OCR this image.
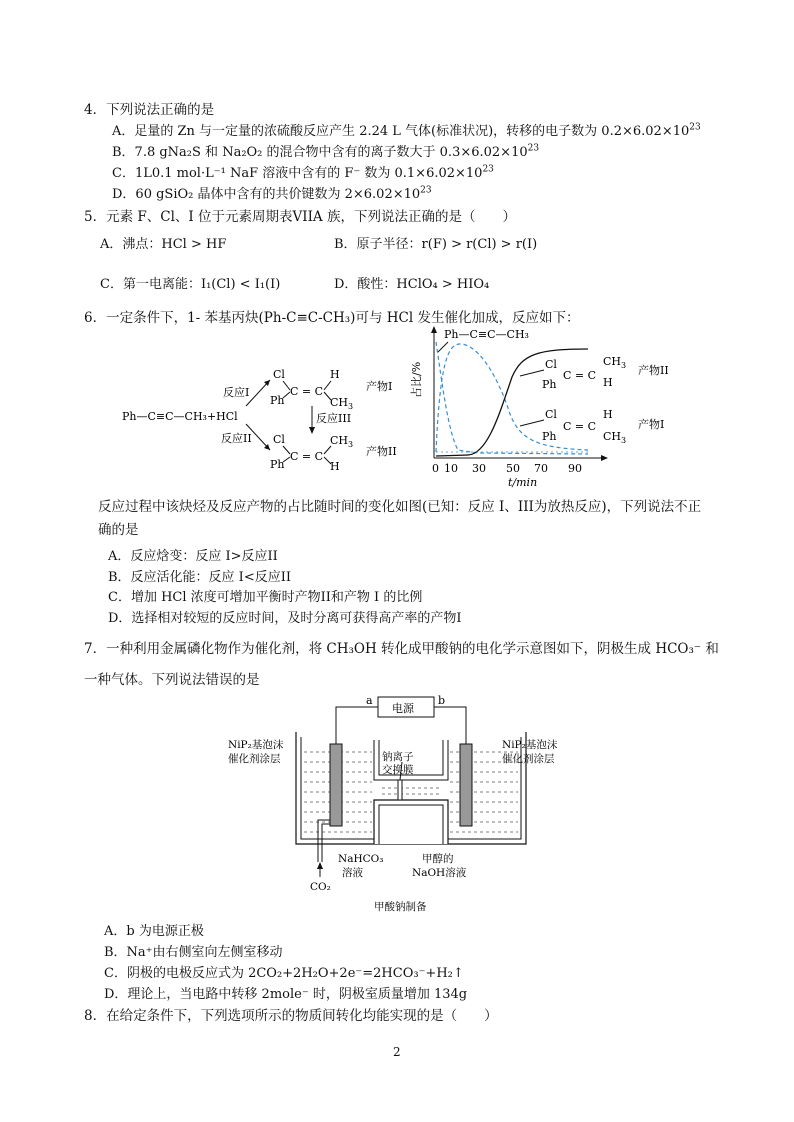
4．下列说法正确的是
A．足量的 Zn 与一定量的浓硫酸反应产生 2.24 L 气体(标准状况)，转移的电子数为 $0.2\times 6.02\times 10^{23}$
B．7.8 gNa₂S 和 Na₂O₂ 的混合物中含有的离子数大于 $0.3\times 6.02\times 10^{23}$
C．1L0.1 mol·L⁻¹ NaF 溶液中含有的 F⁻ 数为 $0.1\times 6.02\times 10^{23}$
D．60 gSiO₂ 晶体中含有的共价键数为 $2\times 6.02\times 10^{23}$
5．元素 F、Cl、I 位于元素周期表VIIA 族，下列说法正确的是（　　）
A．沸点：HCl > HF	B．原子半径：r(F) > r(Cl) > r(I)
C．第一电离能：I₁(Cl) < I₁(I)	D．酸性：HClO₄ > HIO₄
6．一定条件下，1- 苯基丙炔(Ph-C≡C-CH₃)可与 HCl 发生催化加成，反应如下：
Ph—C≡C—CH₃+HCl
反应I
反应II
Cl
Ph
C = C
H
$CH_3$
产物I
反应III
Cl
Ph
C = C
$CH_3$
H
产物II
占比/%
0 10 30 50 70 90
t/min
Ph—C≡C—CH₃
Cl
Ph
C = C
$CH_3$
H
产物II
Cl
Ph
C = C
H
$CH_3$
产物I
反应过程中该炔烃及反应产物的占比随时间的变化如图(已知：反应 I、III为放热反应)，下列说法不正
确的是
A．反应焓变：反应 I>反应II
B．反应活化能：反应 I<反应II
C．增加 HCl 浓度可增加平衡时产物II和产物 I 的比例
D．选择相对较短的反应时间，及时分离可获得高产率的产物I
7．一种利用金属磷化物作为催化剂，将 CH₃OH 转化成甲酸钠的电化学示意图如下，阴极生成 HCO₃⁻ 和
一种气体。下列说法错误的是
电源
a	b
NiP₂基泡沫
催化剂涂层
NiP₂基泡沫
催化剂涂层
钠离子
交换膜
NaHCO₃
溶液
甲醇的
NaOH溶液
CO₂
甲酸钠制备
A．b 为电源正极
B．Na⁺由右侧室向左侧室移动
C．阴极的电极反应式为 2CO₂+2H₂O+2e⁻=2HCO₃⁻+H₂↑
D．理论上，当电路中转移 2mole⁻ 时，阴极室质量增加 134g
8．在给定条件下，下列选项所示的物质间转化均能实现的是（　　）
2
